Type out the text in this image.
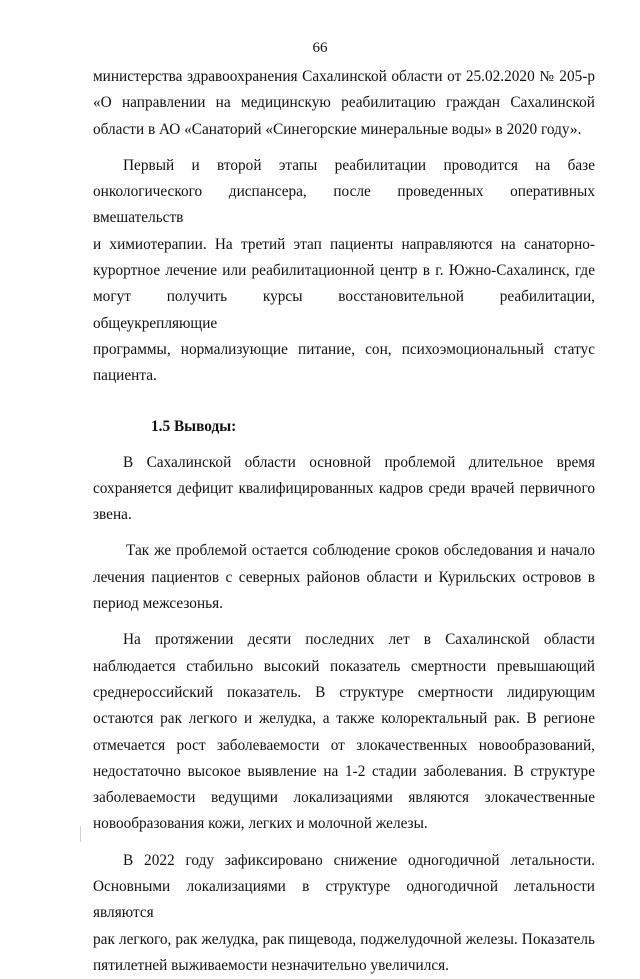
66

министерства здравоохранения Сахалинской области от 25.02.2020 № 205-р
«О направлении на медицинскую реабилитацию граждан Сахалинской
области в АО «Санаторий «Синегорские минеральные воды» в 2020 году».

Первый и второй этапы реабилитации проводится на базе
онкологического диспансера, после проведенных оперативных вмешательств
и химиотерапии. На третий этап пациенты направляются на санаторно-
курортное лечение или реабилитационной центр в г. Южно-Сахалинск, где
могут получить курсы восстановительной реабилитации, общеукрепляющие
программы, нормализующие питание, сон, психоэмоциональный статус
пациента.

1.5 Выводы:

В Сахалинской области основной проблемой длительное время
сохраняется дефицит квалифицированных кадров среди врачей первичного
звена.

Так же проблемой остается соблюдение сроков обследования и начало
лечения пациентов с северных районов области и Курильских островов в
период межсезонья.

На протяжении десяти последних лет в Сахалинской области
наблюдается стабильно высокий показатель смертности превышающий
среднероссийский показатель. В структуре смертности лидирующим
остаются рак легкого и желудка, а также колоректальный рак. В регионе
отмечается рост заболеваемости от злокачественных новообразований,
недостаточно высокое выявление на 1-2 стадии заболевания. В структуре
заболеваемости ведущими локализациями являются злокачественные
новообразования кожи, легких и молочной железы.

В 2022 году зафиксировано снижение одногодичной летальности.
Основными локализациями в структуре одногодичной летальности являются
рак легкого, рак желудка, рак пищевода, поджелудочной железы. Показатель
пятилетней выживаемости незначительно увеличился.
